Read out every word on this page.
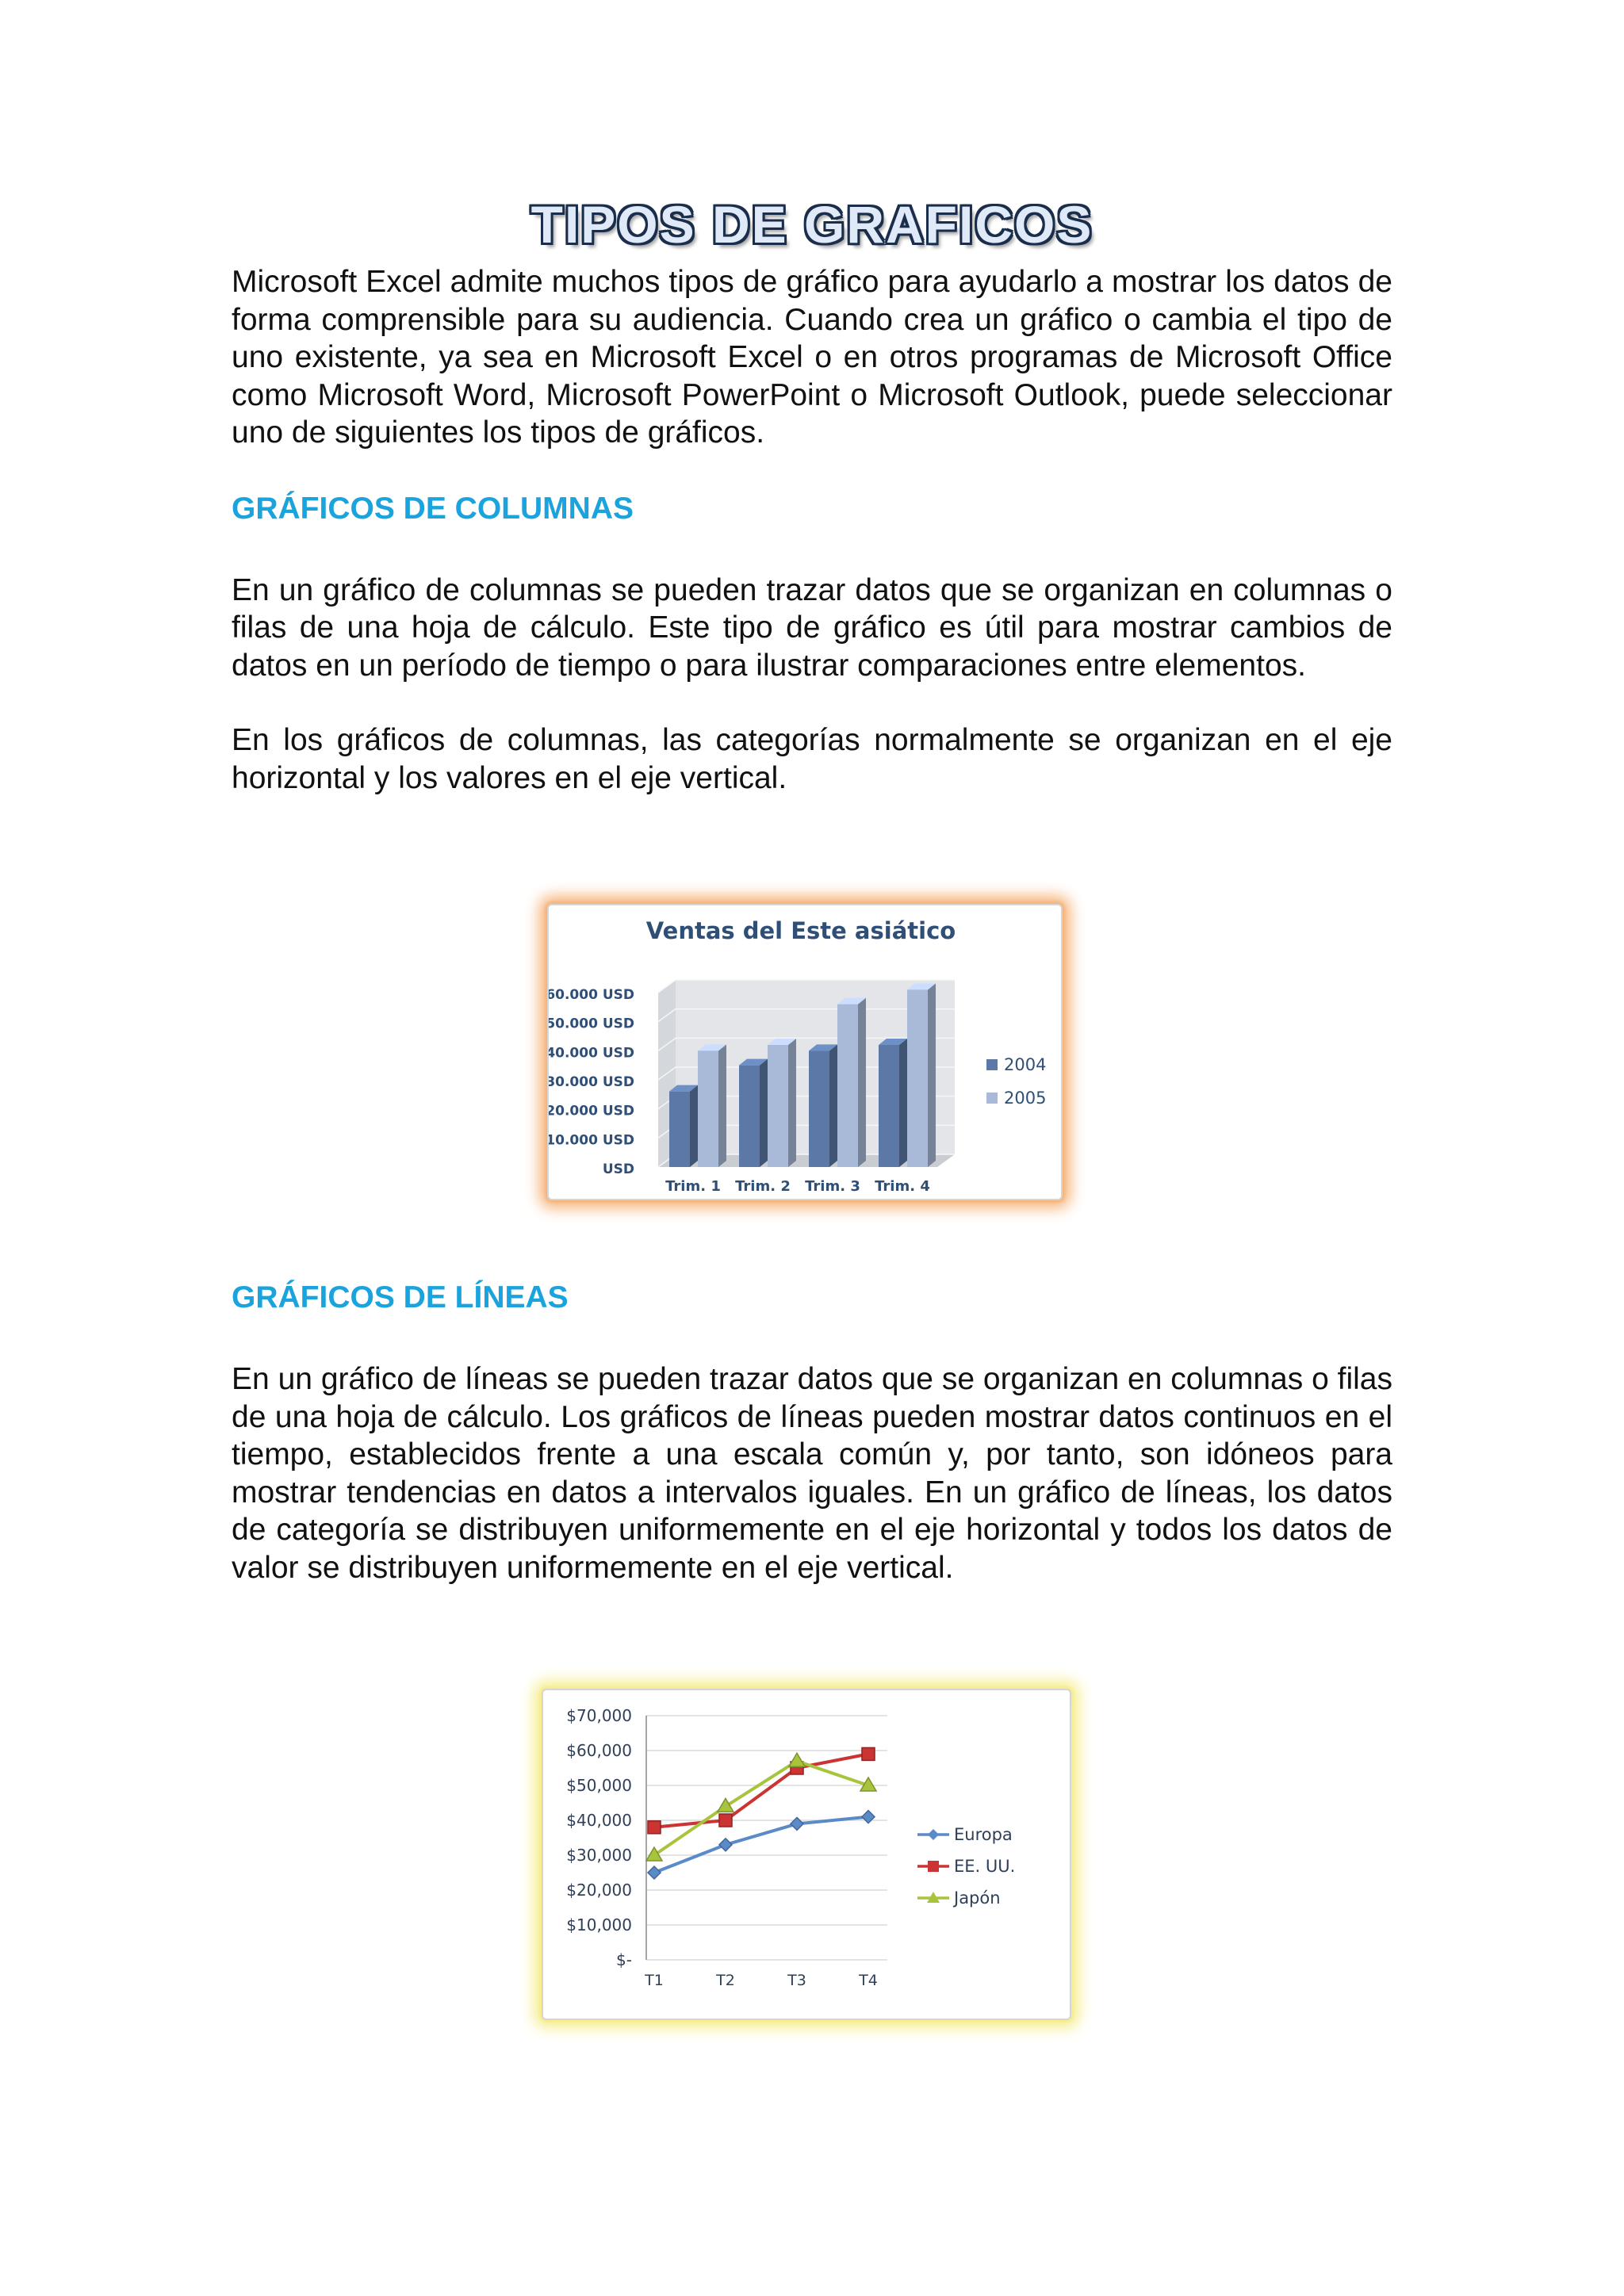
TIPOS DE GRAFICOS

Microsoft Excel admite muchos tipos de gráfico para ayudarlo a mostrar los datos de forma comprensible para su audiencia. Cuando crea un gráfico o cambia el tipo de uno existente, ya sea en Microsoft Excel o en otros programas de Microsoft Office como Microsoft Word, Microsoft PowerPoint o Microsoft Outlook, puede seleccionar uno de siguientes los tipos de gráficos.

GRÁFICOS DE COLUMNAS

En un gráfico de columnas se pueden trazar datos que se organizan en columnas o filas de una hoja de cálculo. Este tipo de gráfico es útil para mostrar cambios de datos en un período de tiempo o para ilustrar comparaciones entre elementos.

En los gráficos de columnas, las categorías normalmente se organizan en el eje horizontal y los valores en el eje vertical.

Ventas del Este asiático
USD
10.000 USD
20.000 USD
30.000 USD
40.000 USD
50.000 USD
60.000 USD
Trim. 1 Trim. 2 Trim. 3 Trim. 4
2004
2005
GRÁFICOS DE LÍNEAS

En un gráfico de líneas se pueden trazar datos que se organizan en columnas o filas de una hoja de cálculo. Los gráficos de líneas pueden mostrar datos continuos en el tiempo, establecidos frente a una escala común y, por tanto, son idóneos para mostrar tendencias en datos a intervalos iguales. En un gráfico de líneas, los datos de categoría se distribuyen uniformemente en el eje horizontal y todos los datos de valor se distribuyen uniformemente en el eje vertical.

$-
$10,000
$20,000
$30,000
$40,000
$50,000
$60,000
$70,000
T1	T2	T3	T4
Europa
EE. UU.
Japón
